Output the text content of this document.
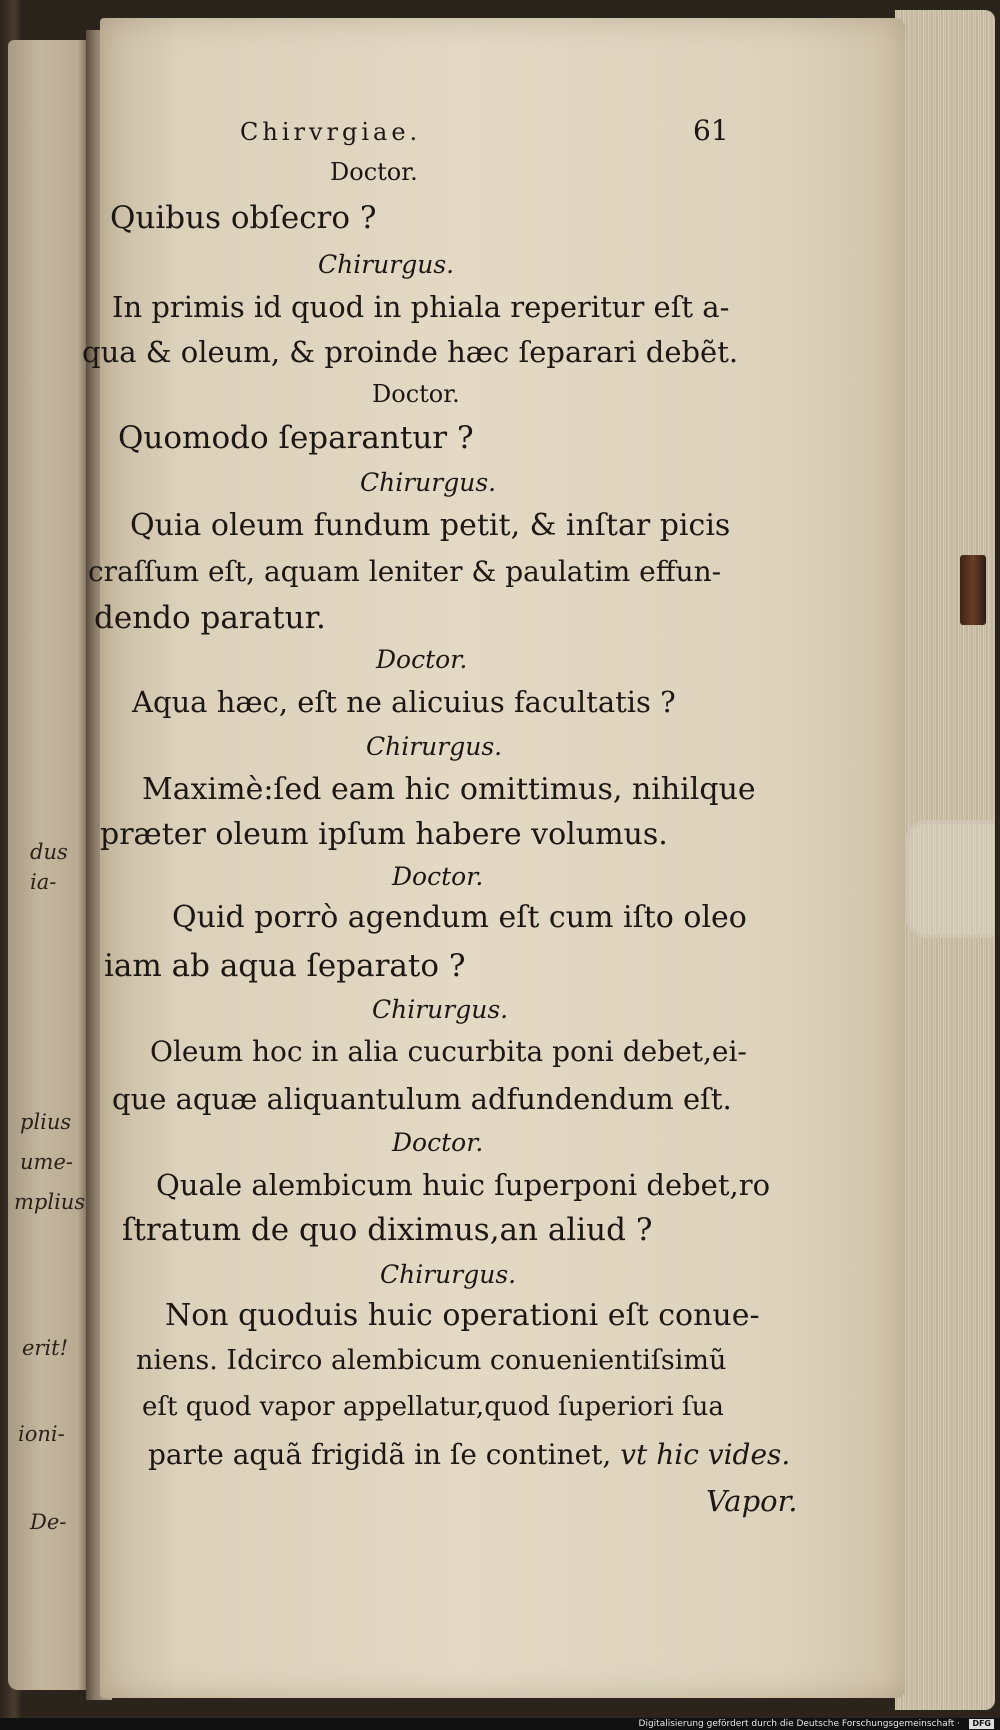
dus
ia-
plius
ume-
mplius
erit!
ioni-
De-
Chirvrgiae.	61
Doctor.
Quibus obſecro ?
Chirurgus.
In primis id quod in phiala reperitur eſt a-
qua & oleum, & proinde hæc ſeparari debẽt.
Doctor.
Quomodo ſeparantur ?
Chirurgus.
Quia oleum fundum petit, & inſtar picis
craſſum eſt, aquam leniter & paulatim effun-
dendo paratur.
Doctor.
Aqua hæc, eſt ne alicuius facultatis ?
Chirurgus.
Maximè:ſed eam hic omittimus, nihilque
præter oleum ipſum habere volumus.
Doctor.
Quid porrò agendum eſt cum iſto oleo
iam ab aqua ſeparato ?
Chirurgus.
Oleum hoc in alia cucurbita poni debet,ei-
que aquæ aliquantulum adfundendum eſt.
Doctor.
Quale alembicum huic ſuperponi debet,ro
ſtratum de quo diximus,an aliud ?
Chirurgus.
Non quoduis huic operationi eſt conue-
niens. Idcirco alembicum conuenientiſsimũ
eſt quod vapor appellatur,quod ſuperiori ſua
parte aquã frigidã in ſe continet, vt hic vides.
Vapor.
Digitalisierung gefördert durch die Deutsche Forschungsgemeinschaft ·	DFG
